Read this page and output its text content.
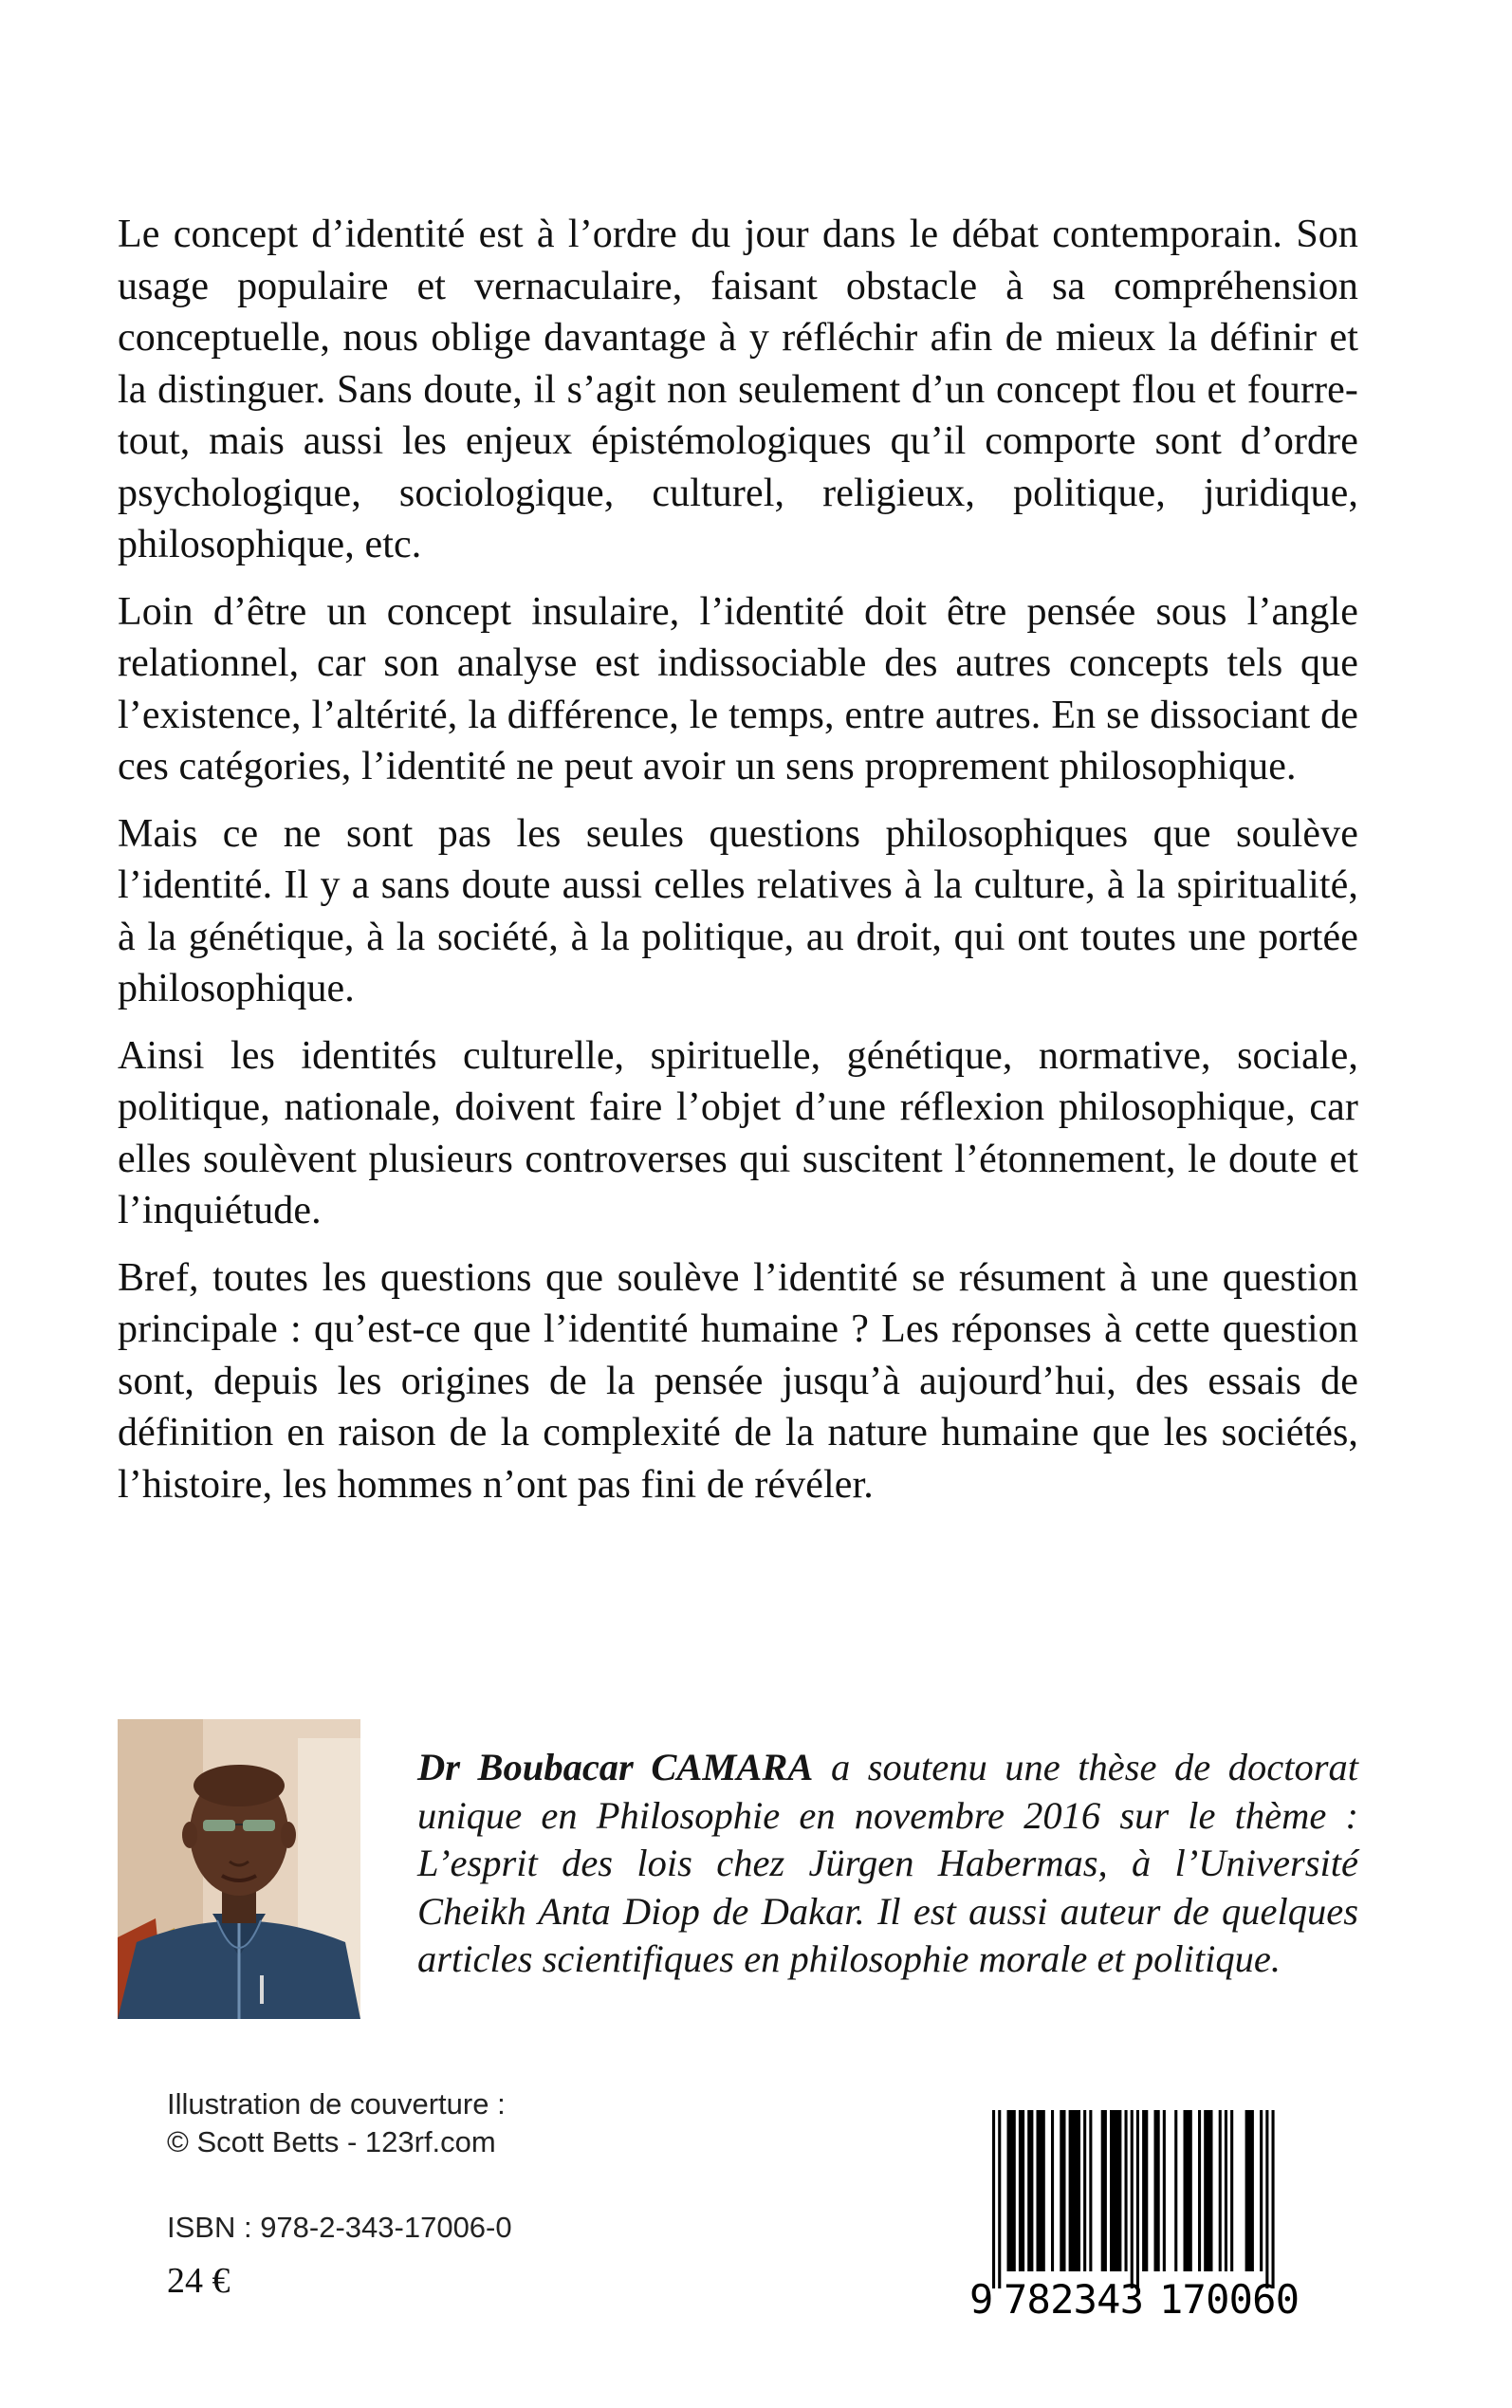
Le concept d’identité est à l’ordre du jour dans le débat contemporain. Son usage populaire et vernaculaire, faisant obstacle à sa compréhension conceptuelle, nous oblige davantage à y réfléchir afin de mieux la définir et la distinguer. Sans doute, il s’agit non seulement d’un concept flou et fourre-tout, mais aussi les enjeux épistémologiques qu’il comporte sont d’ordre psychologique, sociologique, culturel, religieux, politique, juridique, philosophique, etc.

Loin d’être un concept insulaire, l’identité doit être pensée sous l’angle relationnel, car son analyse est indissociable des autres concepts tels que l’existence, l’altérité, la différence, le temps, entre autres. En se dissociant de ces catégories, l’identité ne peut avoir un sens proprement philosophique.

Mais ce ne sont pas les seules questions philosophiques que soulève l’identité. Il y a sans doute aussi celles relatives à la culture, à la spiritualité, à la génétique, à la société, à la politique, au droit, qui ont toutes une portée philosophique.

Ainsi les identités culturelle, spirituelle, génétique, normative, sociale, politique, nationale, doivent faire l’objet d’une réflexion philosophique, car elles soulèvent plusieurs controverses qui suscitent l’étonnement, le doute et l’inquiétude.

Bref, toutes les questions que soulève l’identité se résument à une question principale : qu’est-ce que l’identité humaine ? Les réponses à cette question sont, depuis les origines de la pensée jusqu’à aujourd’hui, des essais de définition en raison de la complexité de la nature humaine que les sociétés, l’histoire, les hommes n’ont pas fini de révéler.

Dr Boubacar CAMARA a soutenu une thèse de doctorat unique en Philosophie en novembre 2016 sur le thème : L’esprit des lois chez Jürgen Habermas, à l’Université Cheikh Anta Diop de Dakar. Il est aussi auteur de quelques articles scientifiques en philosophie morale et politique.
Illustration de couverture :
© Scott Betts - 123rf.com
ISBN : 978-2-343-17006-0
24 €	9 782343 170060
